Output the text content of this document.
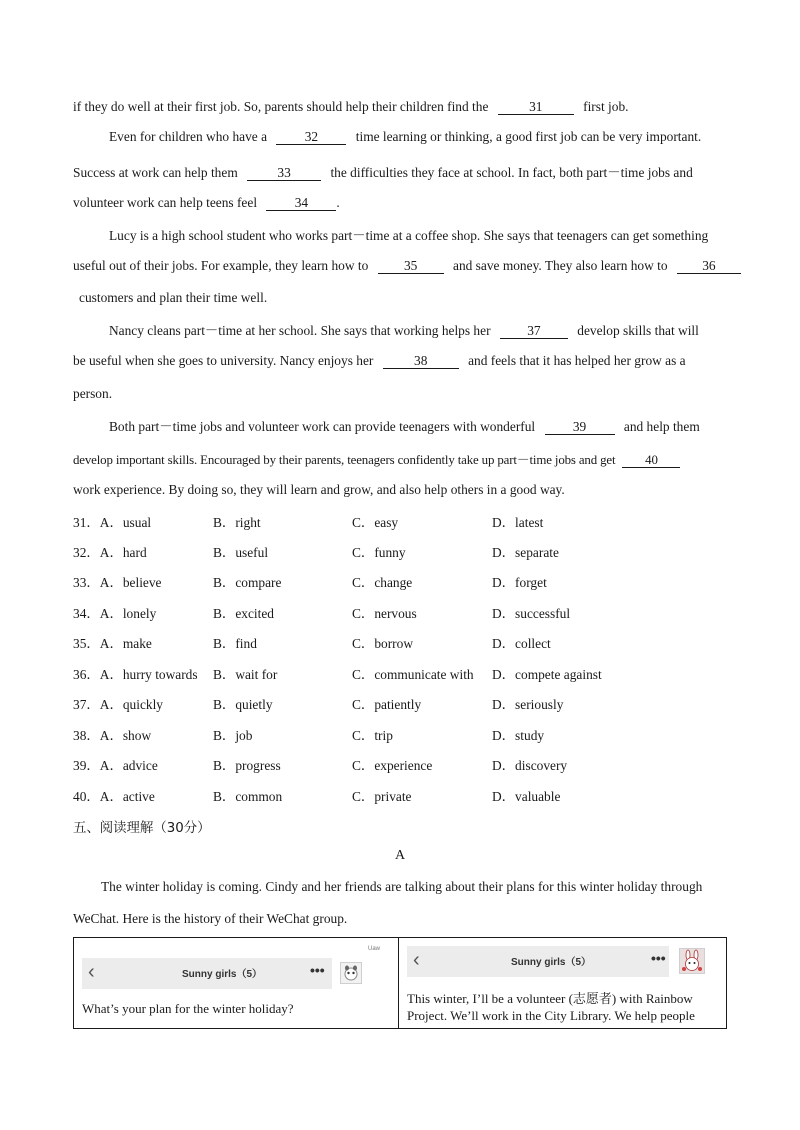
if they do well at their first job. So, parents should help their children find the	31	first job.
Even for children who have a	32	time learning or thinking, a good first job can be very important.
Success at work can help them	33	the difficulties they face at school. In fact, both part－time jobs and
volunteer work can help teens feel	34 .
Lucy is a high school student who works part－time at a coffee shop. She says that teenagers can get something
useful out of their jobs. For example, they learn how to	35	and save money. They also learn how to	36
customers and plan their time well.
Nancy cleans part－time at her school. She says that working helps her	37	develop skills that will
be useful when she goes to university. Nancy enjoys her	38	and feels that it has helped her grow as a
person.
Both part－time jobs and volunteer work can provide teenagers with wonderful	39	and help them
develop important skills. Encouraged by their parents, teenagers confidently take up part－time jobs and get 40
work experience. By doing so, they will learn and grow, and also help others in a good way.
31．A．usual	B．right	C．easy	D．latest
32．A．hard	B．useful	C．funny	D．separate
33．A．believe	B．compare	C．change	D．forget
34．A．lonely	B．excited	C．nervous	D．successful
35．A．make	B．find	C．borrow	D．collect
36．A．hurry towards B．wait for	C．communicate with D．compete against
37．A．quickly	B．quietly	C．patiently	D．seriously
38．A．show	B．job	C．trip	D．study
39．A．advice	B．progress	C．experience	D．discovery
40．A．active	B．common	C．private	D．valuable
五、阅读理解（30分）
A
The winter holiday is coming. Cindy and her friends are talking about their plans for this winter holiday through
WeChat. Here is the history of their WeChat group.
‹	Sunny girls（5）	•••
Uaw
What’s your plan for the winter holiday?
‹	Sunny girls（5）	•••
This winter, I’ll be a volunteer (志愿者) with Rainbow
Project. We’ll work in the City Library. We help people
